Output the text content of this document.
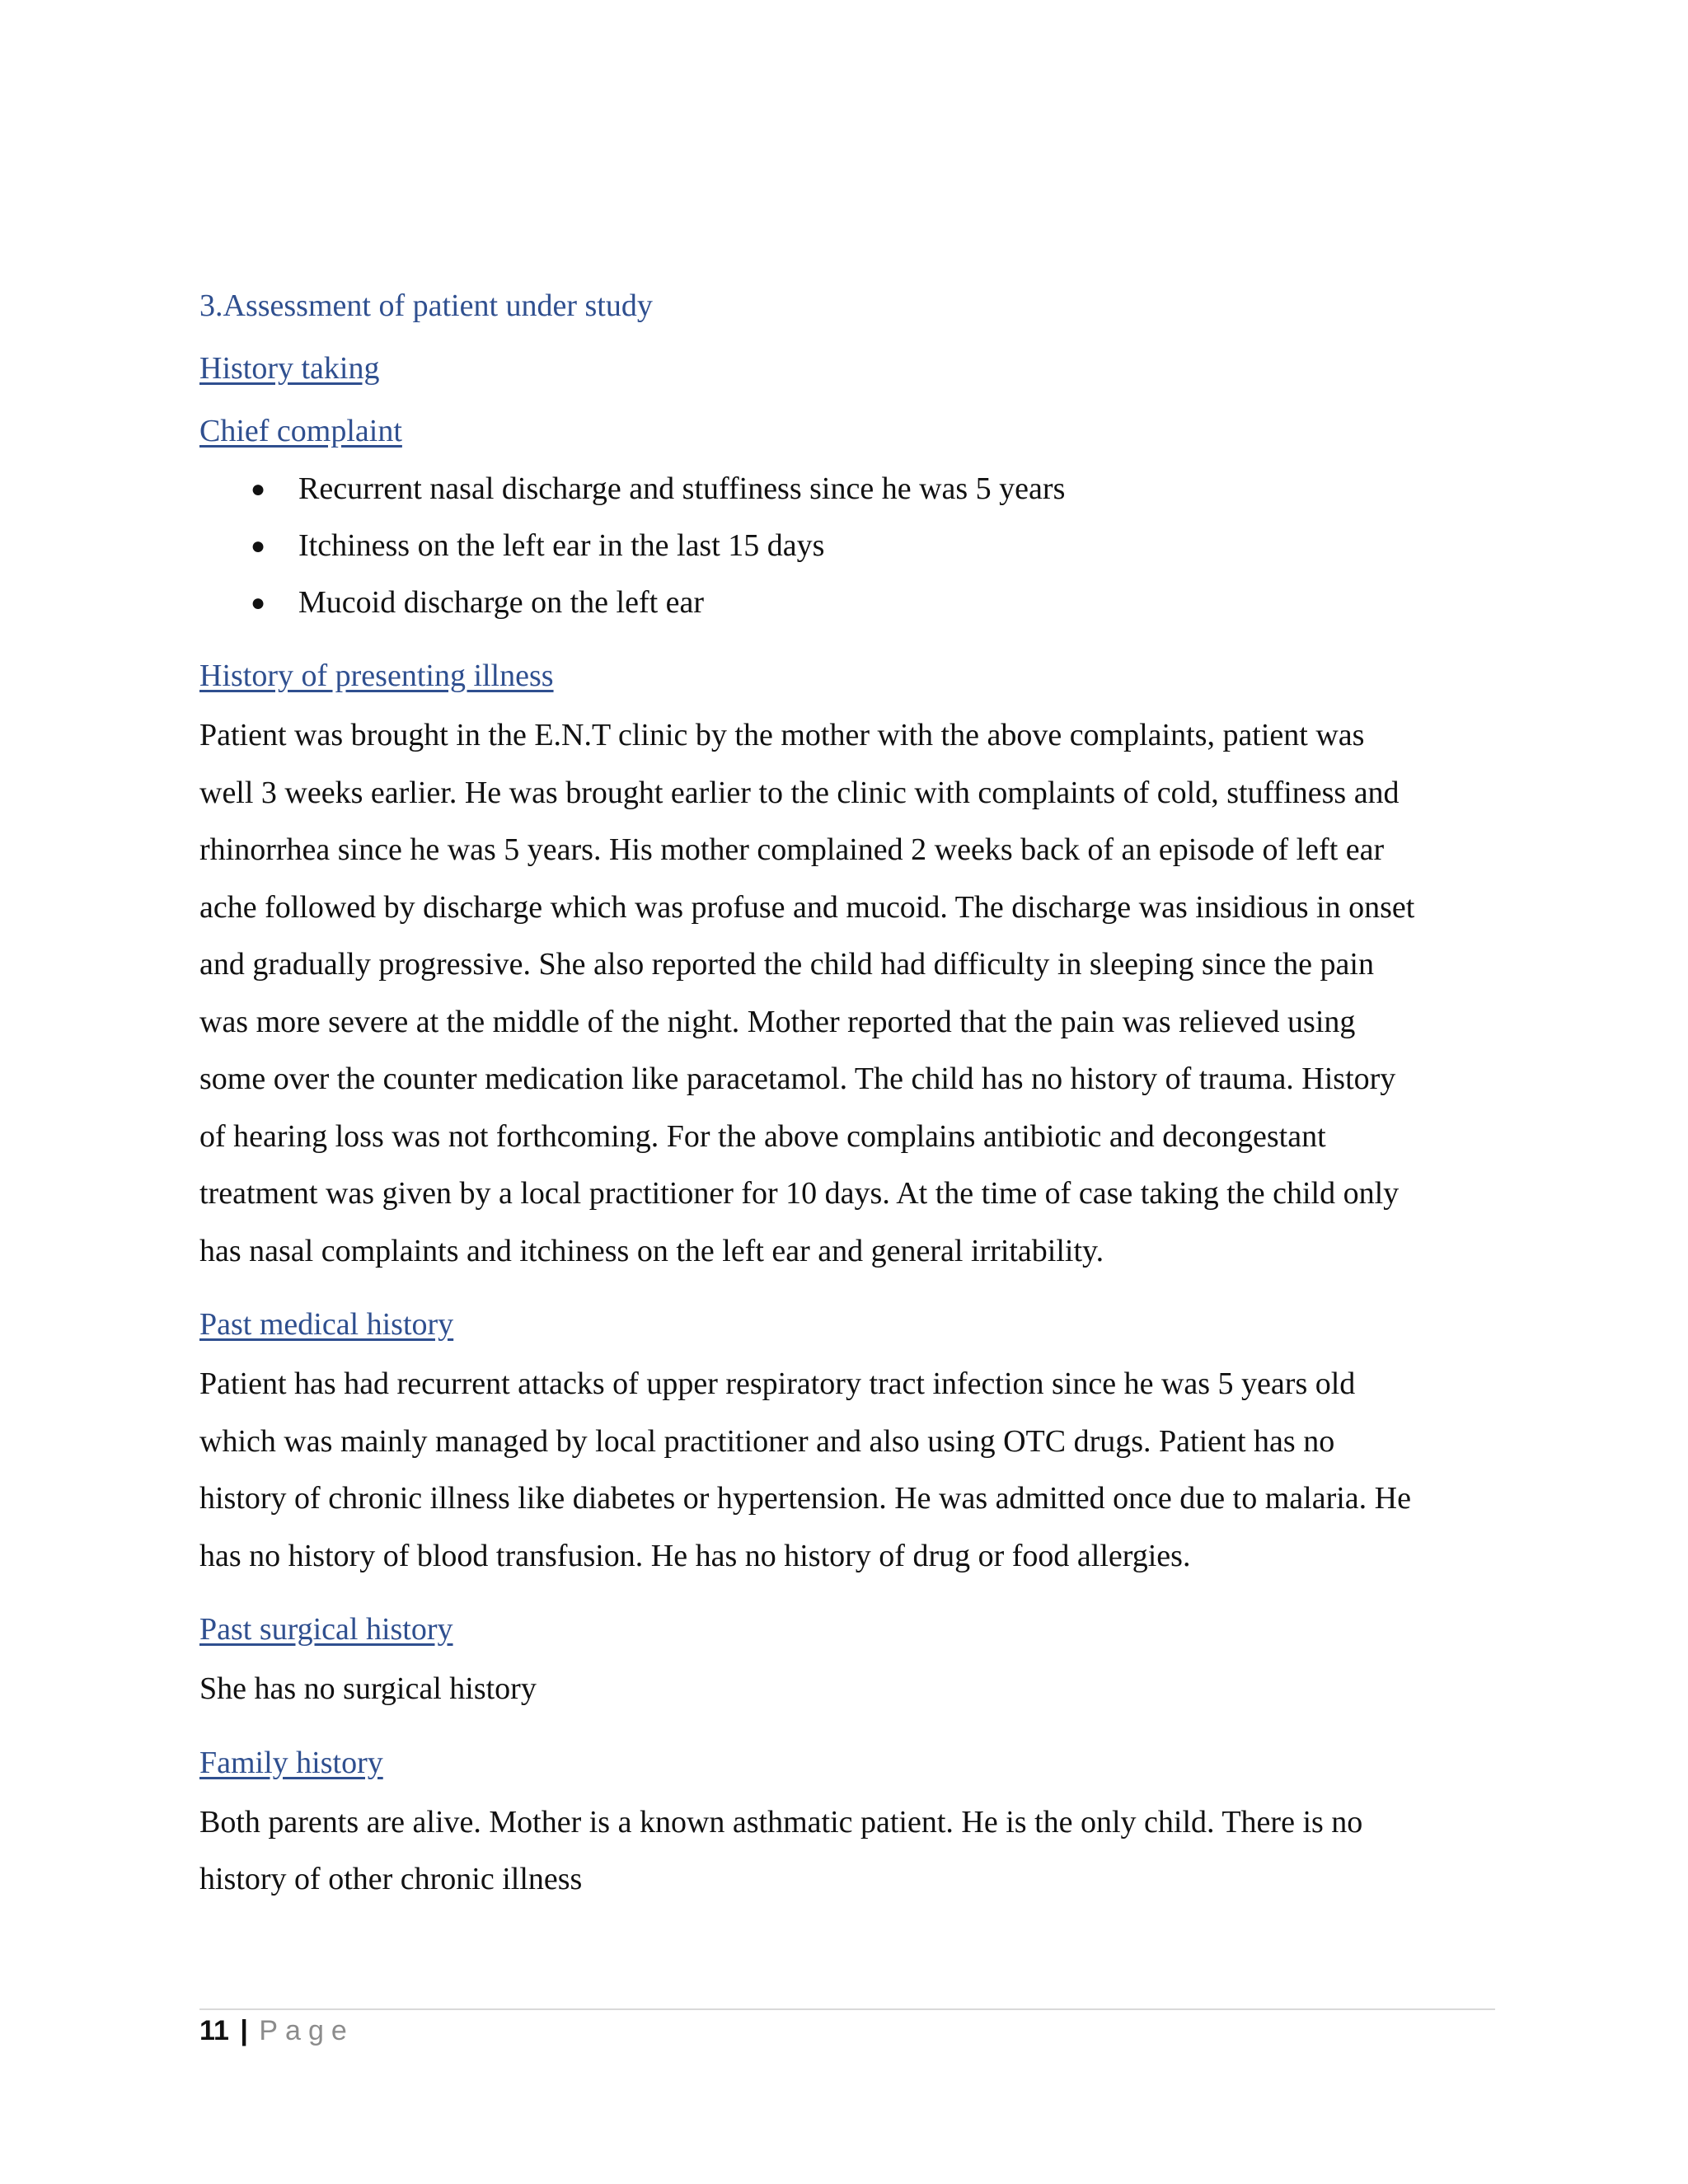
3.Assessment of patient under study
History taking
Chief complaint
● Recurrent nasal discharge and stuffiness since he was 5 years
● Itchiness on the left ear in the last 15 days
● Mucoid discharge on the left ear
History of presenting illness

Patient was brought in the E.N.T clinic by the mother with the above complaints, patient was
well 3 weeks earlier. He was brought earlier to the clinic with complaints of cold, stuffiness and
rhinorrhea since he was 5 years. His mother complained 2 weeks back of an episode of left ear
ache followed by discharge which was profuse and mucoid. The discharge was insidious in onset
and gradually progressive. She also reported the child had difficulty in sleeping since the pain
was more severe at the middle of the night. Mother reported that the pain was relieved using
some over the counter medication like paracetamol. The child has no history of trauma. History
of hearing loss was not forthcoming. For the above complains antibiotic and decongestant
treatment was given by a local practitioner for 10 days. At the time of case taking the child only
has nasal complaints and itchiness on the left ear and general irritability.

Past medical history

Patient has had recurrent attacks of upper respiratory tract infection since he was 5 years old
which was mainly managed by local practitioner and also using OTC drugs. Patient has no
history of chronic illness like diabetes or hypertension. He was admitted once due to malaria. He
has no history of blood transfusion. He has no history of drug or food allergies.

Past surgical history

She has no surgical history

Family history

Both parents are alive. Mother is a known asthmatic patient. He is the only child. There is no
history of other chronic illness

11 | Page
